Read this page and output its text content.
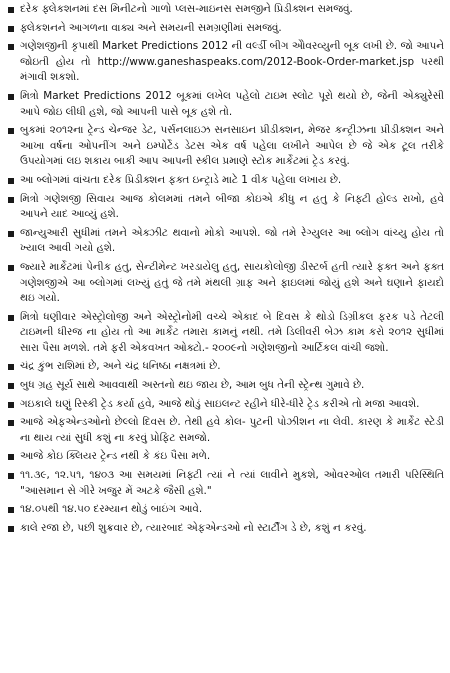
દરેક ફ્લેકશનમાં દસ મિનીટનો ગાળો પ્લસ-માઇનસ સમજીને પ્રિડીક્શન સમજવું.
ફ્લેકશનને આગળના વાક્ય અને સમયની સમગ્રણીમાં સમજવું.
ગણેશજીની કૃપાથી Market Predictions 2012 ની વર્લ્ડી બીગ એોવરવ્યુની બૂક લખી છે. જો આપને જોઇતી હોય તો http://www.ganeshaspeaks.com/2012-Book-Order-market.jsp પરથી મંગાવી શકશો.
મિત્રો Market Predictions 2012 બૂકમાં લખેલ પહેલો ટાઇમ સ્લોટ પૂરો થયો છે, જેની એક્યુરેસી આપે જોઇ લીધી હશે, જો આપની પાસે બૂક હશે તો.
બુકમાં ૨૦૧૨ના ટ્રેન્ડ ચેન્જર ડેટ, પર્સનલાઇઝ સનસાઇન પ્રીડીક્શન, મેજર કન્ટ્રીઝના પ્રીડીક્શન અને આખા વર્ષના ઓપનીંગ અને ઇમ્પોર્ટેડ ડેટસ એક વર્ષ પહેલા લખીને આપેલ છે જે એક ટૂલ તરીકે ઉપયોગમાં લઇ શકાય બાકી આપ આપની સ્કીલ પ્રમાણે સ્ટોક માર્કેટમાં ટ્રેડ કરવું.
આ બ્લોગમાં વાંચતા દરેક પ્રિડીક્શન ફક્ત ઇન્ટ્રાડે માટે 1 વીક પહેલા લખાય છે.
મિત્રો ગણેશજી સિવાય આજ કોલમમાં તમને બીજા કોઇએ કીધુ ન હતુ કે નિફ્ટી હોલ્ડ રાખો, હવે આપને યાદ આવ્યું હશે.
જાન્યુઆરી સુધીમાં તમને એક્ઝીટ થવાનો મોકો આપશે. જો તમે રેગ્યુલર આ બ્લોગ વાંચ્યુ હોય તો ખ્યાલ આવી ગયો હશે.
જ્યારે માર્કેટમાં પેનીક હતુ, સેન્ટીમેન્ટ ખરડાયેલુ હતુ, સાયકોલોજી ડીસ્ટર્બ હતી ત્યારે ફક્ત અને ફક્ત ગણેશજીએ આ બ્લોગમાં લખ્યું હતું જે તમે મંથલી ગ્રાફ અને ફાઇલમાં જોયું હશે અને ઘણાને ફાયદો થઇ ગયો.
મિત્રો ધણીવાર એસ્ટ્રોલોજી અને એસ્ટ્રોનોમી વચ્ચે એકાદ બે દિવસ કે થોડો ડિગ્રીકલ ફરક પડે તેટલી ટાઇમની ધીરજ ના હોય તો આ માર્કેટ તમારા કામનું નથી. તમે ડિલીવરી બેઝ કામ કરો ૨૦૧૨ સુધીમાં સારા પૈસા મળશે. તમે ફરી એકવખત ઓક્ટો.- ૨૦૦૯નો ગણેશજીનો આર્ટિકલ વાંચી જશો.
ચંદ્ર કુંભ રાશિમાં છે, અને ચંદ્ર ધનિષ્ઠા નક્ષત્રમાં છે.
બુધ ગ્રહ સૂર્ય સાથે આવવાથી અસ્તનો થઇ જાય છે, આમ બુધ તેની સ્ટ્રેન્થ ગુમાવે છે.
ગઇકાલે ઘણું રિસ્કી ટ્રેડ કર્યા હવે, આજે થોડું સાઇલન્ટ રહીને ધીરે-ધીરે ટ્રેડ કરીએ તો મજા આવશે.
આજે એફએન્ડઓનો છેલ્લો દિવસ છે. તેથી હવે કોલ- પુટની પોઝીશન ના લેવી. કારણ કે માર્કેટ સ્ટેડી ના થાય ત્યાં સુધી કશું ના કરવું પ્રોફિટ સમજો.
આજે કોઇ ક્લિયર ટ્રેન્ડ નથી કે કંઇ પૈસા મળે.
૧૧.૩૯, ૧૨.૫૧, ૧૪૦૩ આ સમયમાં નિફ્ટી ત્યાં ને ત્યાં લાવીને મુકશે, ઓવરઓલ તમારી પરિસ્થિતિ "આસમાન સે ગીરે ખજુર મેં અટકે જૈસી હશે."
૧૪.૦૫થી ૧૪.૫૦ દરમ્યાન થોડું બાઇંગ આવે.
કાલે રજા છે, પછી શુક્રવાર છે, ત્યારબાદ એફએન્ડઓ નો સ્ટાર્ટીંગ ડે છે, કશું ન કરવું.
